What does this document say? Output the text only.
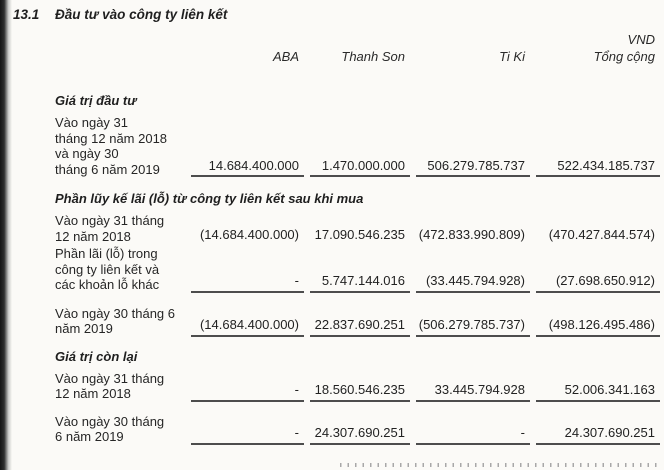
13.1	Đầu tư vào công ty liên kết
VND
ABA	Thanh Son	Ti Ki	Tổng cộng
Giá trị đầu tư
Vào ngày 31
tháng 12 năm 2018
và ngày 30
tháng 6 năm 2019	14.684.400.000	1.470.000.000	506.279.785.737	522.434.185.737
Phần lũy kế lãi (lỗ) từ công ty liên kết sau khi mua
Vào ngày 31 tháng
12 năm 2018	(14.684.400.000)	17.090.546.235	(472.833.990.809)	(470.427.844.574)
Phần lãi (lỗ) trong
công ty liên kết và
các khoản lỗ khác	-	5.747.144.016	(33.445.794.928)	(27.698.650.912)
Vào ngày 30 tháng 6
năm 2019	(14.684.400.000)	22.837.690.251	(506.279.785.737)	(498.126.495.486)
Giá trị còn lại
Vào ngày 31 tháng
12 năm 2018	-	18.560.546.235	33.445.794.928	52.006.341.163
Vào ngày 30 tháng
6 năm 2019	-	24.307.690.251	-	24.307.690.251
